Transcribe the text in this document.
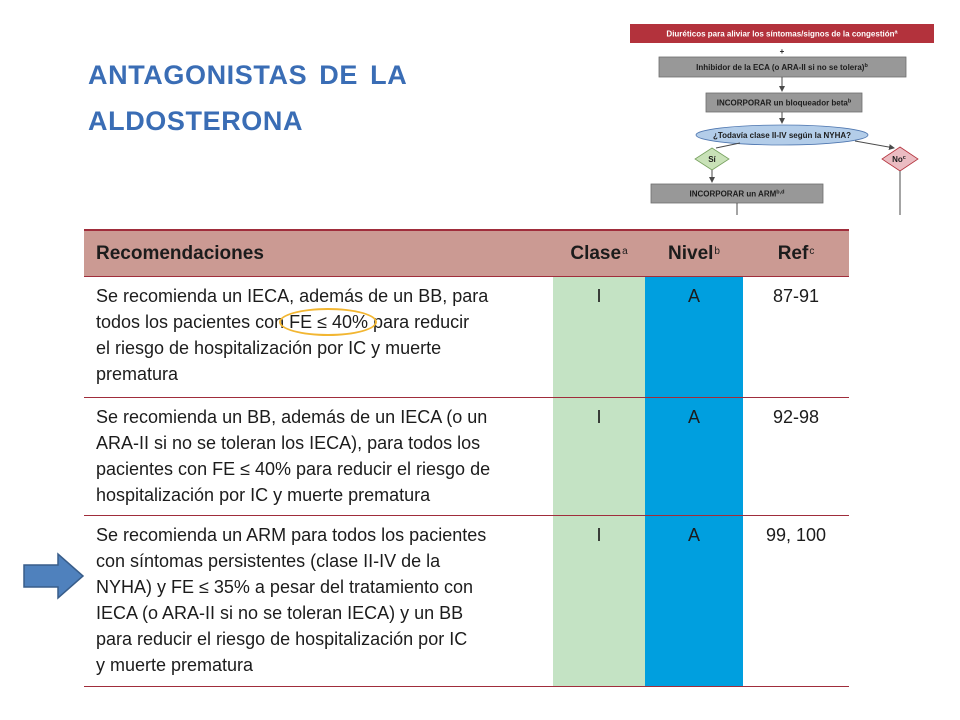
ANTAGONISTAS DE LA
ALDOSTERONA
Diuréticos para aliviar los síntomas/signos de la congestión$^a$
+
Inhibidor de la ECA (o ARA-II si no se tolera)$^b$
INCORPORAR un bloqueador beta$^b$
¿Todavía clase II-IV según la NYHA?
Sí	No$^c$
INCORPORAR un ARM$^{b,d}$
Recomendaciones	Clase$^a$ Nivel$^b$	Ref$^c$
Se recomienda un IECA, además de un BB, para
todos los pacientes con FE ≤ 40% para reducir
el riesgo de hospitalización por IC y muerte
prematura
I	A	87-91
Se recomienda un BB, además de un IECA (o un
ARA-II si no se toleran los IECA), para todos los
pacientes con FE ≤ 40% para reducir el riesgo de
hospitalización por IC y muerte prematura
I	A	92-98
Se recomienda un ARM para todos los pacientes
con síntomas persistentes (clase II-IV de la
NYHA) y FE ≤ 35% a pesar del tratamiento con
IECA (o ARA-II si no se toleran IECA) y un BB
para reducir el riesgo de hospitalización por IC
y muerte prematura
I	A	99, 100
